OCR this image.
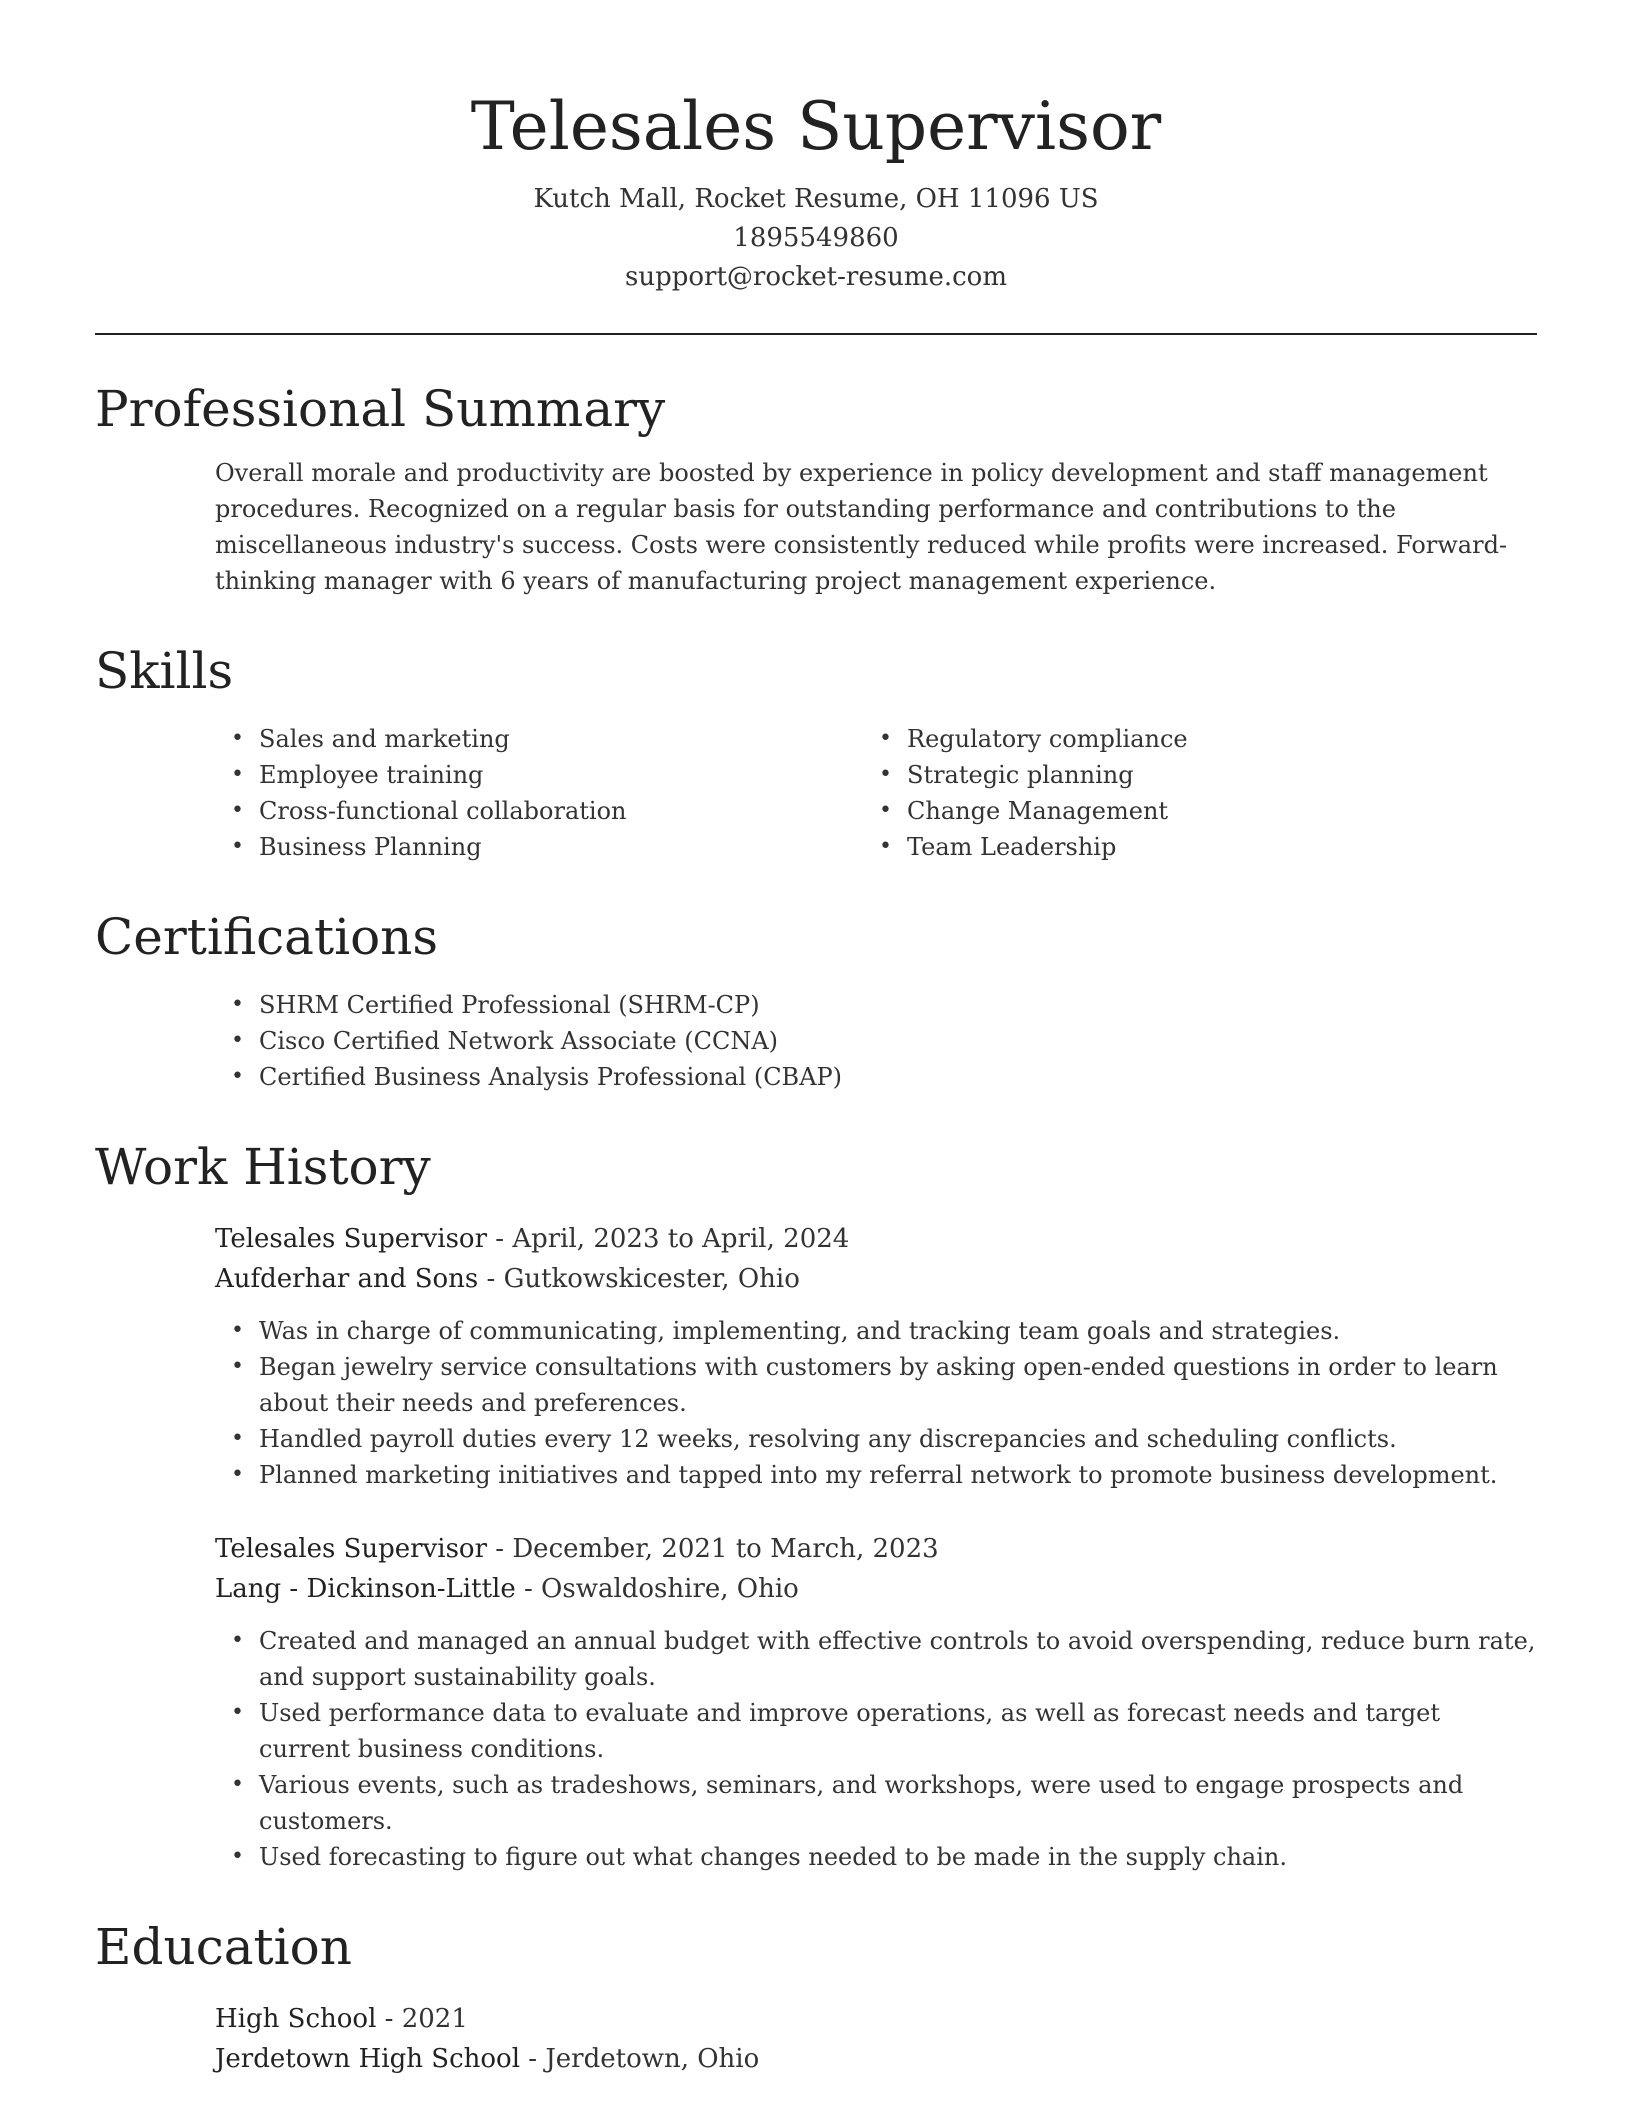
Telesales Supervisor
Kutch Mall, Rocket Resume, OH 11096 US
1895549860
support@rocket-resume.com
Professional Summary

Overall morale and productivity are boosted by experience in policy development and staff management procedures. Recognized on a regular basis for outstanding performance and contributions to the miscellaneous industry's success. Costs were consistently reduced while profits were increased. Forward-thinking manager with 6 years of manufacturing project management experience.

Skills
• Sales and marketing
• Employee training
• Cross-functional collaboration
• Business Planning
• Regulatory compliance
• Strategic planning
• Change Management
• Team Leadership
Certifications
• SHRM Certified Professional (SHRM-CP)
• Cisco Certified Network Associate (CCNA)
• Certified Business Analysis Professional (CBAP)
Work History
Telesales Supervisor - April, 2023 to April, 2024
Aufderhar and Sons - Gutkowskicester, Ohio
• Was in charge of communicating, implementing, and tracking team goals and strategies.
• Began jewelry service consultations with customers by asking open-ended questions in order to learn about their needs and preferences.
• Handled payroll duties every 12 weeks, resolving any discrepancies and scheduling conflicts.
• Planned marketing initiatives and tapped into my referral network to promote business development.
Telesales Supervisor - December, 2021 to March, 2023
Lang - Dickinson-Little - Oswaldoshire, Ohio
• Created and managed an annual budget with effective controls to avoid overspending, reduce burn rate, and support sustainability goals.
• Used performance data to evaluate and improve operations, as well as forecast needs and target current business conditions.
• Various events, such as tradeshows, seminars, and workshops, were used to engage prospects and customers.
• Used forecasting to figure out what changes needed to be made in the supply chain.
Education
High School - 2021
Jerdetown High School - Jerdetown, Ohio
